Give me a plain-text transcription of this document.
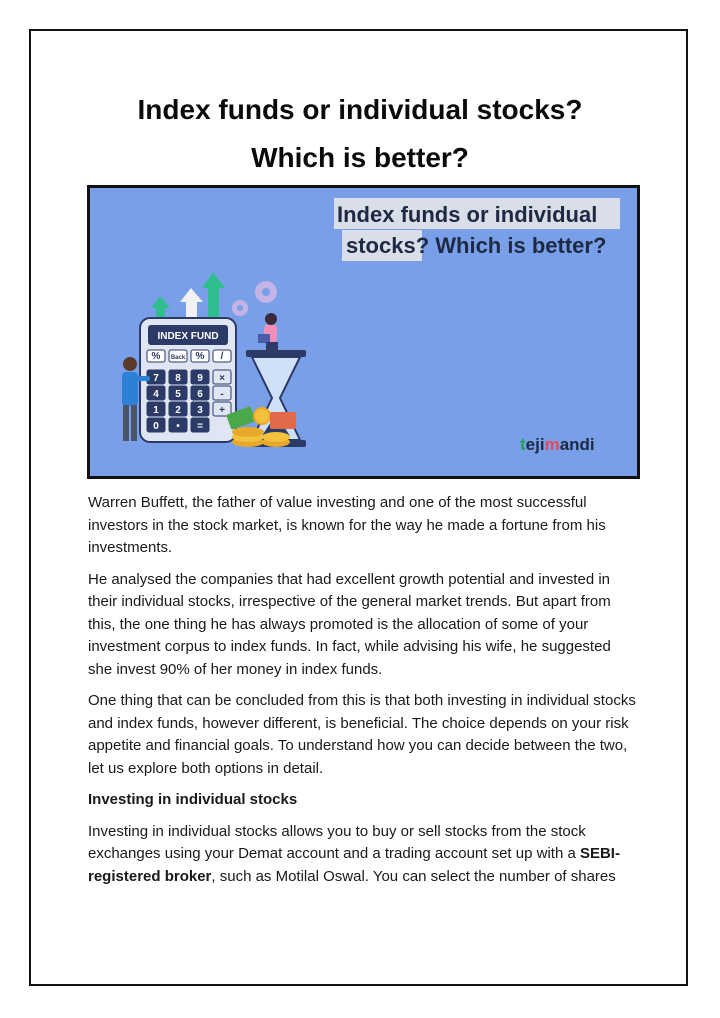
Index funds or individual stocks?
Which is better?
Index funds or individual
stocks? Which is better?
INDEX FUND
% Back % /
7 8 9 ×
4 5 6 -
1 2 3 +
0 • =
tejimandi

Warren Buffett, the father of value investing and one of the most successful investors in the stock market, is known for the way he made a fortune from his investments.

He analysed the companies that had excellent growth potential and invested in their individual stocks, irrespective of the general market trends. But apart from this, the one thing he has always promoted is the allocation of some of your investment corpus to index funds. In fact, while advising his wife, he suggested she invest 90% of her money in index funds.

One thing that can be concluded from this is that both investing in individual stocks and index funds, however different, is beneficial. The choice depends on your risk appetite and financial goals. To understand how you can decide between the two, let us explore both options in detail.

Investing in individual stocks

Investing in individual stocks allows you to buy or sell stocks from the stock exchanges using your Demat account and a trading account set up with a SEBI-registered broker, such as Motilal Oswal. You can select the number of shares
